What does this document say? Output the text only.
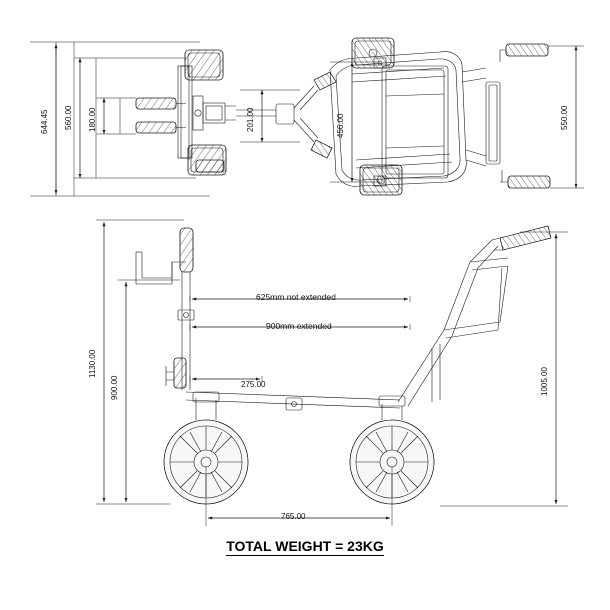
644.45 560.00 180.00	201.00	456.00	550.00
1130.00
900.00	1005.00
765.00
275.00
625mm not extended
900mm extended
TOTAL WEIGHT = 23KG
